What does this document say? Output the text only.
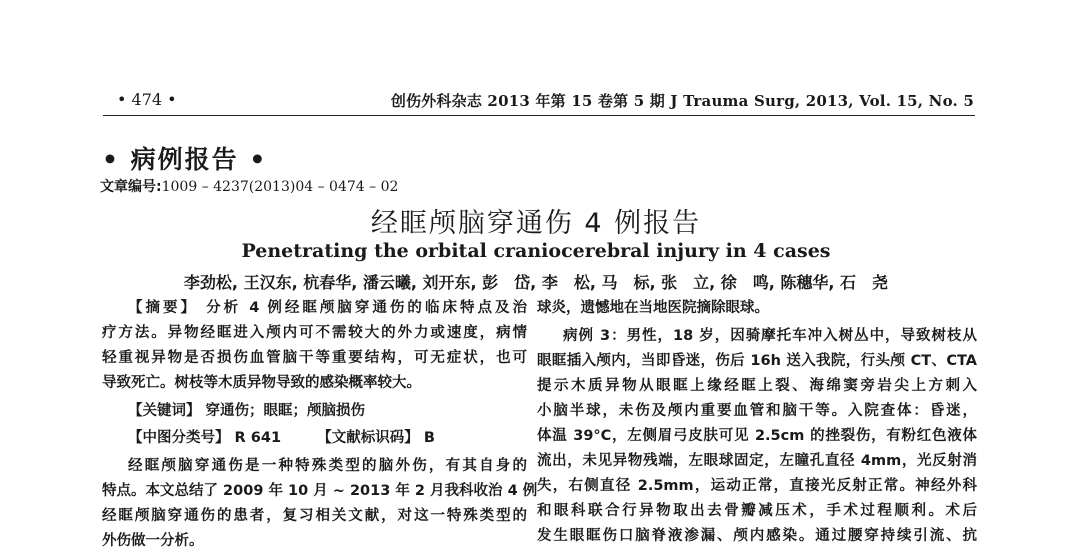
• 474 •	创伤外科杂志 2013 年第 15 卷第 5 期 J Trauma Surg, 2013, Vol. 15, No. 5
• 病例报告 •
文章编号:1009 – 4237(2013)04 – 0474 – 02
经眶颅脑穿通伤 4 例报告
Penetrating the orbital craniocerebral injury in 4 cases
李劲松, 王汉东, 杭春华, 潘云曦, 刘开东, 彭　岱, 李　松, 马　标, 张　立, 徐　鸣, 陈穗华, 石　尧
【摘要】 分析 4 例经眶颅脑穿通伤的临床特点及治
疗方法。异物经眶进入颅内可不需较大的外力或速度，病情
轻重视异物是否损伤血管脑干等重要结构，可无症状，也可
导致死亡。树枝等木质异物导致的感染概率较大。
【关键词】 穿通伤；眼眶；颅脑损伤
【中图分类号】 R 641　　　【文献标识码】 B
经眶颅脑穿通伤是一种特殊类型的脑外伤，有其自身的
特点。本文总结了 2009 年 10 月 ~ 2013 年 2 月我科收治 4 例
经眶颅脑穿通伤的患者，复习相关文献，对这一特殊类型的
外伤做一分析。
球炎，遗憾地在当地医院摘除眼球。
病例 3：男性，18 岁，因骑摩托车冲入树丛中，导致树枝从
眼眶插入颅内，当即昏迷，伤后 16h 送入我院，行头颅 CT、CTA
提示木质异物从眼眶上缘经眶上裂、海绵窦旁岩尖上方刺入
小脑半球，未伤及颅内重要血管和脑干等。入院查体：昏迷，
体温 39°C，左侧眉弓皮肤可见 2.5cm 的挫裂伤，有粉红色液体
流出，未见异物残端，左眼球固定，左瞳孔直径 4mm，光反射消
失，右侧直径 2.5mm，运动正常，直接光反射正常。神经外科
和眼科联合行异物取出去骨瓣减压术，手术过程顺利。术后
发生眼眶伤口脑脊液渗漏、颅内感染。通过腰穿持续引流、抗
